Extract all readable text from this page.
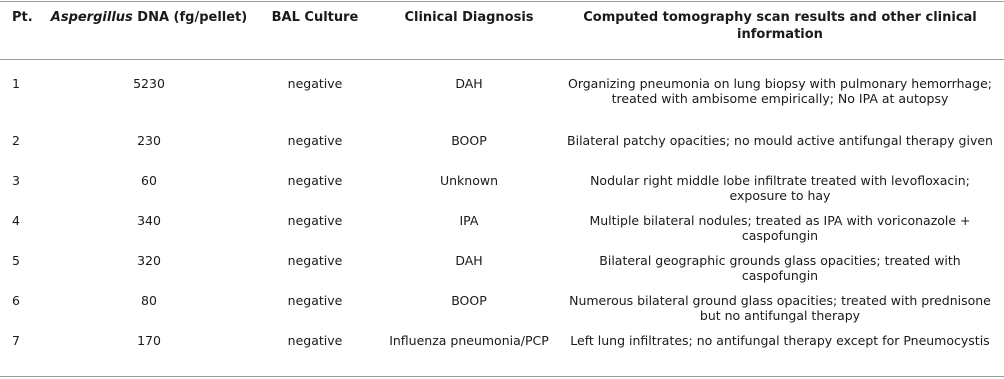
Pt.	Aspergillus DNA (fg/pellet)	BAL Culture	Clinical Diagnosis	Computed tomography scan results and other clinical information
1	5230	negative	DAH	Organizing pneumonia on lung biopsy with pulmonary hemorrhage; treated with ambisome empirically; No IPA at autopsy
2	230	negative	BOOP	Bilateral patchy opacities; no mould active antifungal therapy given
3	60	negative	Unknown	Nodular right middle lobe infiltrate treated with levofloxacin; exposure to hay
4	340	negative	IPA	Multiple bilateral nodules; treated as IPA with voriconazole + caspofungin
5	320	negative	DAH	Bilateral geographic grounds glass opacities; treated with caspofungin
6	80	negative	BOOP	Numerous bilateral ground glass opacities; treated with prednisone but no antifungal therapy
7	170	negative	Influenza pneumonia/PCP	Left lung infiltrates; no antifungal therapy except for Pneumocystis
